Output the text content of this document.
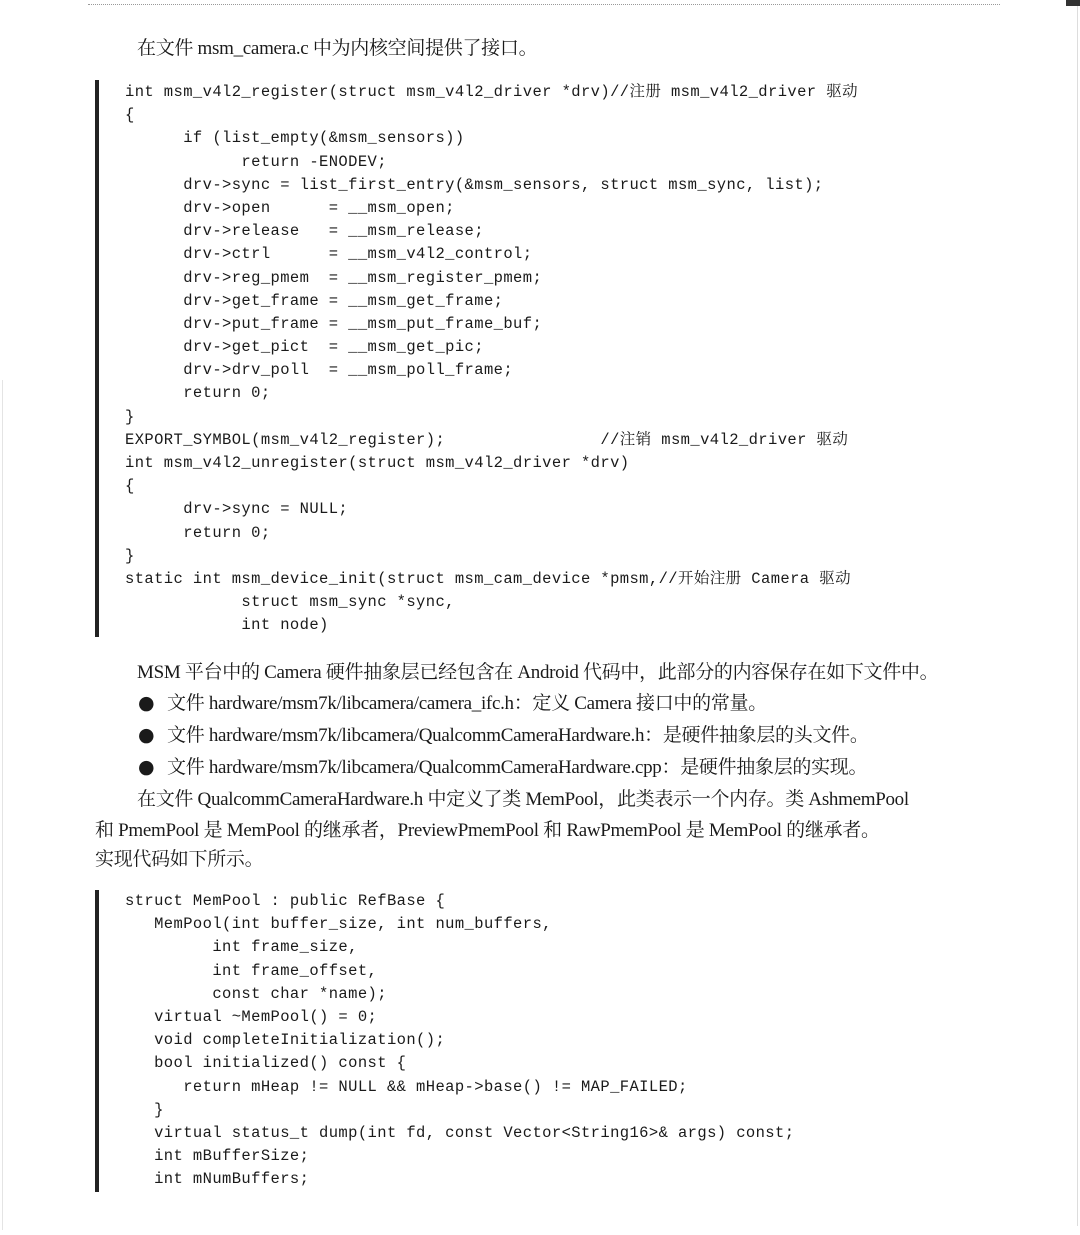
在文件 msm_camera.c 中为内核空间提供了接口。
int msm_v4l2_register(struct msm_v4l2_driver *drv)//注册 msm_v4l2_driver 驱动
{
if (list_empty(&msm_sensors))
return -ENODEV;
drv->sync = list_first_entry(&msm_sensors, struct msm_sync, list);
drv->open      = __msm_open;
drv->release   = __msm_release;
drv->ctrl      = __msm_v4l2_control;
drv->reg_pmem  = __msm_register_pmem;
drv->get_frame = __msm_get_frame;
drv->put_frame = __msm_put_frame_buf;
drv->get_pict  = __msm_get_pic;
drv->drv_poll  = __msm_poll_frame;
return 0;
}
EXPORT_SYMBOL(msm_v4l2_register);                //注销 msm_v4l2_driver 驱动
int msm_v4l2_unregister(struct msm_v4l2_driver *drv)
{
drv->sync = NULL;
return 0;
}
static int msm_device_init(struct msm_cam_device *pmsm,//开始注册 Camera 驱动
struct msm_sync *sync,
int node)
MSM 平台中的 Camera 硬件抽象层已经包含在 Android 代码中，此部分的内容保存在如下文件中。
● 文件 hardware/msm7k/libcamera/camera_ifc.h：定义 Camera 接口中的常量。
● 文件 hardware/msm7k/libcamera/QualcommCameraHardware.h：是硬件抽象层的头文件。
● 文件 hardware/msm7k/libcamera/QualcommCameraHardware.cpp：是硬件抽象层的实现。
在文件 QualcommCameraHardware.h 中定义了类 MemPool，此类表示一个内存。类 AshmemPool
和 PmemPool 是 MemPool 的继承者，PreviewPmemPool 和 RawPmemPool 是 MemPool 的继承者。
实现代码如下所示。
struct MemPool : public RefBase {
MemPool(int buffer_size, int num_buffers,
int frame_size,
int frame_offset,
const char *name);
virtual ~MemPool() = 0;
void completeInitialization();
bool initialized() const {
return mHeap != NULL && mHeap->base() != MAP_FAILED;
}
virtual status_t dump(int fd, const Vector<String16>& args) const;
int mBufferSize;
int mNumBuffers;
